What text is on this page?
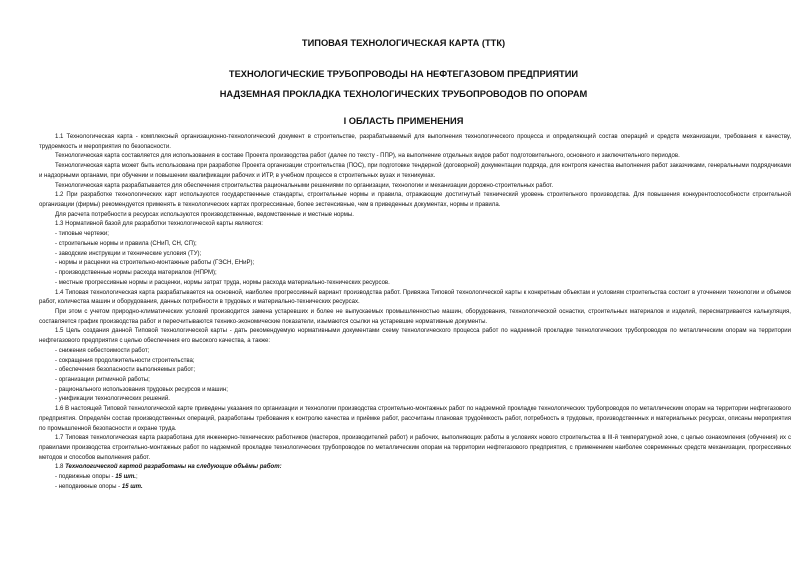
ТИПОВАЯ ТЕХНОЛОГИЧЕСКАЯ КАРТА (ТТК)
ТЕХНОЛОГИЧЕСКИЕ ТРУБОПРОВОДЫ НА НЕФТЕГАЗОВОМ ПРЕДПРИЯТИИ
НАДЗЕМНАЯ ПРОКЛАДКА ТЕХНОЛОГИЧЕСКИХ ТРУБОПРОВОДОВ ПО ОПОРАМ
I ОБЛАСТЬ ПРИМЕНЕНИЯ

1.1 Технологическая карта - комплексный организационно-технологический документ в строительстве, разрабатываемый для выполнения технологического процесса и определяющий состав операций и средств механизации, требования к качеству, трудоемкость и мероприятия по безопасности.

Технологическая карта составляется для использования в составе Проекта производства работ (далее по тексту - ППР), на выполнение отдельных видов работ подготовительного, основного и заключительного периодов.

Технологическая карта может быть использована при разработке Проекта организации строительства (ПОС), при подготовке тендерной (договорной) документации подряда, для контроля качества выполнения работ заказчиками, генеральными подрядчиками и надзорными органами, при обучении и повышении квалификации рабочих и ИТР, в учебном процессе в строительных вузах и техникумах.

Технологическая карта разрабатывается для обеспечения строительства рациональными решениями по организации, технологии и механизации дорожно-строительных работ.

1.2 При разработке технологических карт используются государственные стандарты, строительные нормы и правила, отражающие достигнутый технический уровень строительного производства. Для повышения конкурентоспособности строительной организации (фирмы) рекомендуется применять в технологических картах прогрессивные, более экстенсивные, чем в приведенных документах, нормы и правила.

Для расчета потребности в ресурсах используются производственные, ведомственные и местные нормы.

1.3 Нормативной базой для разработки технологической карты являются:

- типовые чертежи;

- строительные нормы и правила (СНиП, СН, СП);

- заводские инструкции и технические условия (ТУ);

- нормы и расценки на строительно-монтажные работы (ГЭСН, ЕНиР);

- производственные нормы расхода материалов (НПРМ);

- местные прогрессивные нормы и расценки, нормы затрат труда, нормы расхода материально-технических ресурсов.

1.4 Типовая технологическая карта разрабатывается на основной, наиболее прогрессивный вариант производства работ. Привязка Типовой технологической карты к конкретным объектам и условиям строительства состоит в уточнении технологии и объемов работ, количества машин и оборудования, данных потребности в трудовых и материально-технических ресурсах.

При этом с учетом природно-климатических условий производится замена устаревших и более не выпускаемых промышленностью машин, оборудования, технологической оснастки, строительных материалов и изделий, пересматривается калькуляция, составляется график производства работ и пересчитываются технико-экономические показатели, изымаются ссылки на устаревшие нормативные документы.

1.5 Цель создания данной Типовой технологической карты - дать рекомендуемую нормативными документами схему технологического процесса работ по надземной прокладке технологических трубопроводов по металлическим опорам на территории нефтегазового предприятия с целью обеспечения его высокого качества, а также:

- снижения себестоимости работ;

- сокращения продолжительности строительства;

- обеспечения безопасности выполняемых работ;

- организации ритмичной работы;

- рационального использования трудовых ресурсов и машин;

- унификации технологических решений.

1.6 В настоящей Типовой технологической карте приведены указания по организации и технологии производства строительно-монтажных работ по надземной прокладке технологических трубопроводов по металлическим опорам на территории нефтегазового предприятия. Определён состав производственных операций, разработаны требования к контролю качества и приёмке работ, рассчитаны плановая трудоёмкость работ, потребность в трудовых, производственных и материальных ресурсах, описаны мероприятия по промышленной безопасности и охране труда.

1.7 Типовая технологическая карта разработана для инженерно-технических работников (мастеров, производителей работ) и рабочих, выполняющих работы в условиях нового строительства в III-й температурной зоне, с целью ознакомления (обучения) их с правилами производства строительно-монтажных работ по надземной прокладке технологических трубопроводов по металлическим опорам на территории нефтегазового предприятия, с применением наиболее современных средств механизации, прогрессивных методов и способов выполнения работ.

1.8 Технологической картой разработаны на следующие объёмы работ:

- подвижные опоры - 15 шт.;

- неподвижные опоры - 15 шт.
